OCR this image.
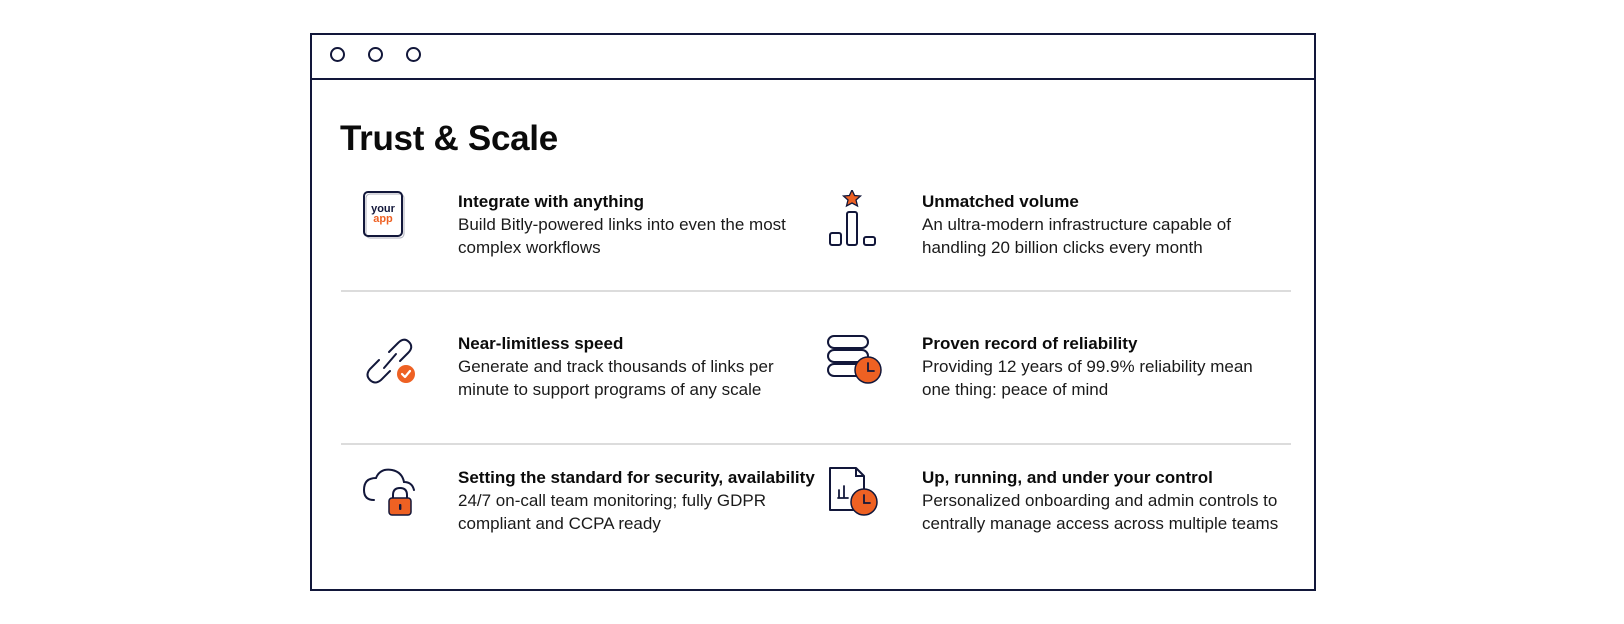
Trust & Scale
your
app
Integrate with anything
Build Bitly-powered links into even the most complex workflows
Unmatched volume
An ultra-modern infrastructure capable of handling 20 billion clicks every month
Near-limitless speed
Generate and track thousands of links per minute to support programs of any scale
Proven record of reliability
Providing 12 years of 99.9% reliability mean one thing: peace of mind
Setting the standard for security, availability
24/7 on-call team monitoring; fully GDPR compliant and CCPA ready
Up, running, and under your control
Personalized onboarding and admin controls to centrally manage access across multiple teams
